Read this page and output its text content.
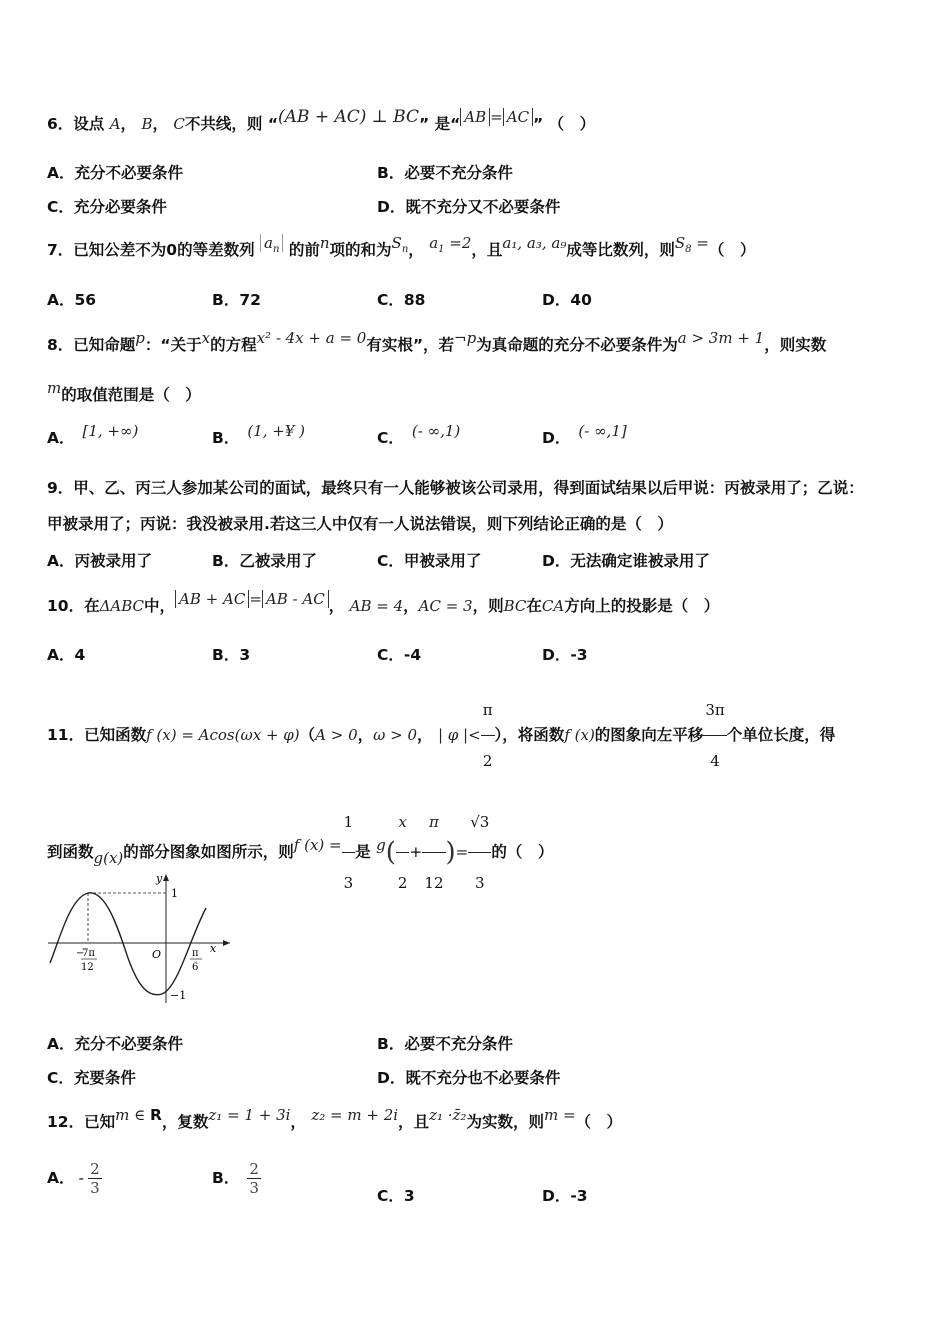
6．设点 A， B， C不共线，则 “(AB + AC) ⊥ BC” 是“ AB = AC ” （　）
A．充分不必要条件	B．必要不充分条件
C．充分必要条件	D．既不充分又不必要条件
7．已知公差不为0的等差数列 $a_n$ 的前n项的和为$S_n$， $a_1 =2$，且a₁, a₃, a₉成等比数列，则$S_8$ =（　）
A．56	B．72	C．88	D．40
8．已知命题p：“关于x的方程x² - 4x + a = 0有实根”，若¬p为真命题的充分不必要条件为a > 3m + 1，则实数
m的取值范围是（　）
A． [1, +∞)	B． (1, +¥ )	C． (- ∞,1)	D． (- ∞,1]
9．甲、乙、丙三人参加某公司的面试，最终只有一人能够被该公司录用，得到面试结果以后甲说：丙被录用了；乙说：
甲被录用了；丙说：我没被录用.若这三人中仅有一人说法错误，则下列结论正确的是（　）
A．丙被录用了	B．乙被录用了	C．甲被录用了	D．无法确定谁被录用了
10．在ΔABC中， AB + AC = AB - AC ， AB = 4，AC = 3，则BC在CA方向上的投影是（　）
A．4	B．3	C．-4	D．-3
11．已知函数f (x) = Acos(ωx + φ)（A > 0，ω > 0， | φ |< $\frac{\pi}{2}$ ），将函数f (x)的图象向左平移 $\frac{3\pi}{4}$ 个单位长度，得
到函数g(x)的部分图象如图所示，则f $(x) = \frac{1}{3}$ 是 $g( \frac{x}{2} + \frac{\pi}{12}$ )= $\frac{√3}{3}$ 的（　）
y
x
O
1
−1
−
7π
12
π
6
A．充分不必要条件	B．必要不充分条件
C．充要条件	D．既不充分也不必要条件
12．已知m ∈ R，复数z₁ = 1 + 3i， z₂ = m + 2i，且z₁ ·z̄₂为实数，则m =（　）
A． - $\frac{2}{3}$	B． $\frac{2}{3}$	C．3	D．-3
